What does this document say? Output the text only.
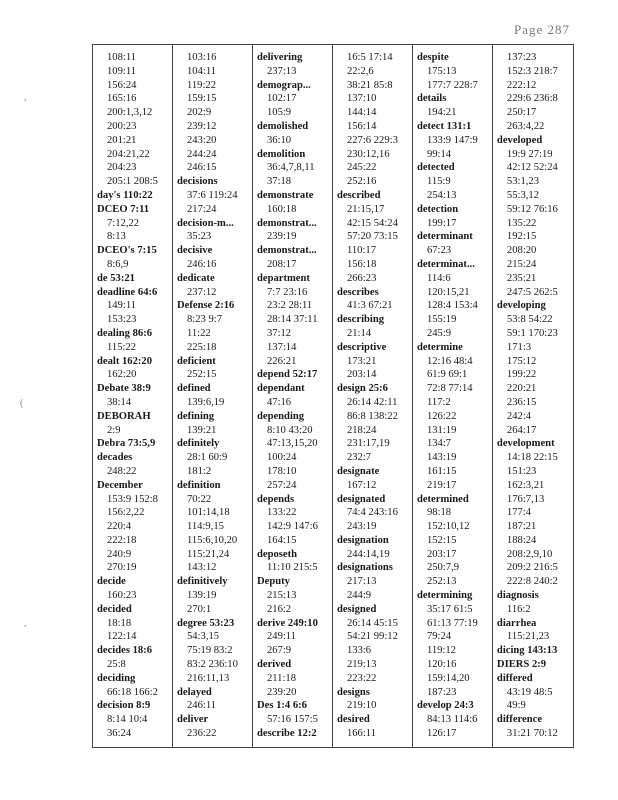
Page 287
,
(
,
108:11
109:11
156:24
165:16
200:1,3,12
200:23
201:21
204:21,22
204:23
205:1 208:5
day's 110:22
DCEO 7:11
7:12,22
8:13
DCEO's 7:15
8:6,9
de 53:21
deadline 64:6
149:11
153:23
dealing 86:6
115:22
dealt 162:20
162:20
Debate 38:9
38:14
DEBORAH
2:9
Debra 73:5,9
decades
248:22
December
153:9 152:8
156:2,22
220:4
222:18
240:9
270:19
decide
160:23
decided
18:18
122:14
decides 18:6
25:8
deciding
66:18 166:2
decision 8:9
8:14 10:4
36:24
103:16
104:11
119:22
159:15
202:9
239:12
243:20
244:24
246:15
decisions
37:6 119:24
217:24
decision-m...
35:23
decisive
246:16
dedicate
237:12
Defense 2:16
8:23 9:7
11:22
225:18
deficient
252:15
defined
139:6,19
defining
139:21
definitely
28:1 60:9
181:2
definition
70:22
101:14,18
114:9,15
115:6,10,20
115:21,24
143:12
definitively
139:19
270:1
degree 53:23
54:3,15
75:19 83:2
83:2 236:10
216:11,13
delayed
246:11
deliver
236:22
delivering
237:13
demograp...
102:17
105:9
demolished
36:10
demolition
36:4,7,8,11
37:18
demonstrate
160:18
demonstrat...
239:19
demonstrat...
208:17
department
7:7 23:16
23:2 28:11
28:14 37:11
37:12
137:14
226:21
depend 52:17
dependant
47:16
depending
8:10 43:20
47:13,15,20
100:24
178:10
257:24
depends
133:22
142:9 147:6
164:15
deposeth
11:10 215:5
Deputy
215:13
216:2
derive 249:10
249:11
267:9
derived
211:18
239:20
Des 1:4 6:6
57:16 157:5
describe 12:2
16:5 17:14
22:2,6
38:21 85:8
137:10
144:14
156:14
227:6 229:3
230:12,16
245:22
252:16
described
21:15,17
42:15 54:24
57:20 73:15
110:17
156:18
266:23
describes
41:3 67:21
describing
21:14
descriptive
173:21
203:14
design 25:6
26:14 42:11
86:8 138:22
218:24
231:17,19
232:7
designate
167:12
designated
74:4 243:16
243:19
designation
244:14,19
designations
217:13
244:9
designed
26:14 45:15
54:21 99:12
133:6
219:13
223:22
designs
219:10
desired
166:11
despite
175:13
177:7 228:7
details
194:21
detect 131:1
133:9 147:9
99:14
detected
115:9
254:13
detection
199:17
determinant
67:23
determinat...
114:6
120:15,21
128:4 153:4
155:19
245:9
determine
12:16 48:4
61:9 69:1
72:8 77:14
117:2
126:22
131:19
134:7
143:19
161:15
219:17
determined
98:18
152:10,12
152:15
203:17
250:7,9
252:13
determining
35:17 61:5
61:13 77:19
79:24
119:12
120:16
159:14,20
187:23
develop 24:3
84:13 114:6
126:17
137:23
152:3 218:7
222:12
229:6 236:8
250:17
263:4,22
developed
19:9 27:19
42:12 52:24
53:1,23
55:3,12
59:12 76:16
135:22
192:15
208:20
215:24
235:21
247:5 262:5
developing
53:8 54:22
59:1 170:23
171:3
175:12
199:22
220:21
236:15
242:4
264:17
development
14:18 22:15
151:23
162:3,21
176:7,13
177:4
187:21
188:24
208:2,9,10
209:2 216:5
222:8 240:2
diagnosis
116:2
diarrhea
115:21,23
dicing 143:13
DIERS 2:9
differed
43:19 48:5
49:9
difference
31:21 70:12
